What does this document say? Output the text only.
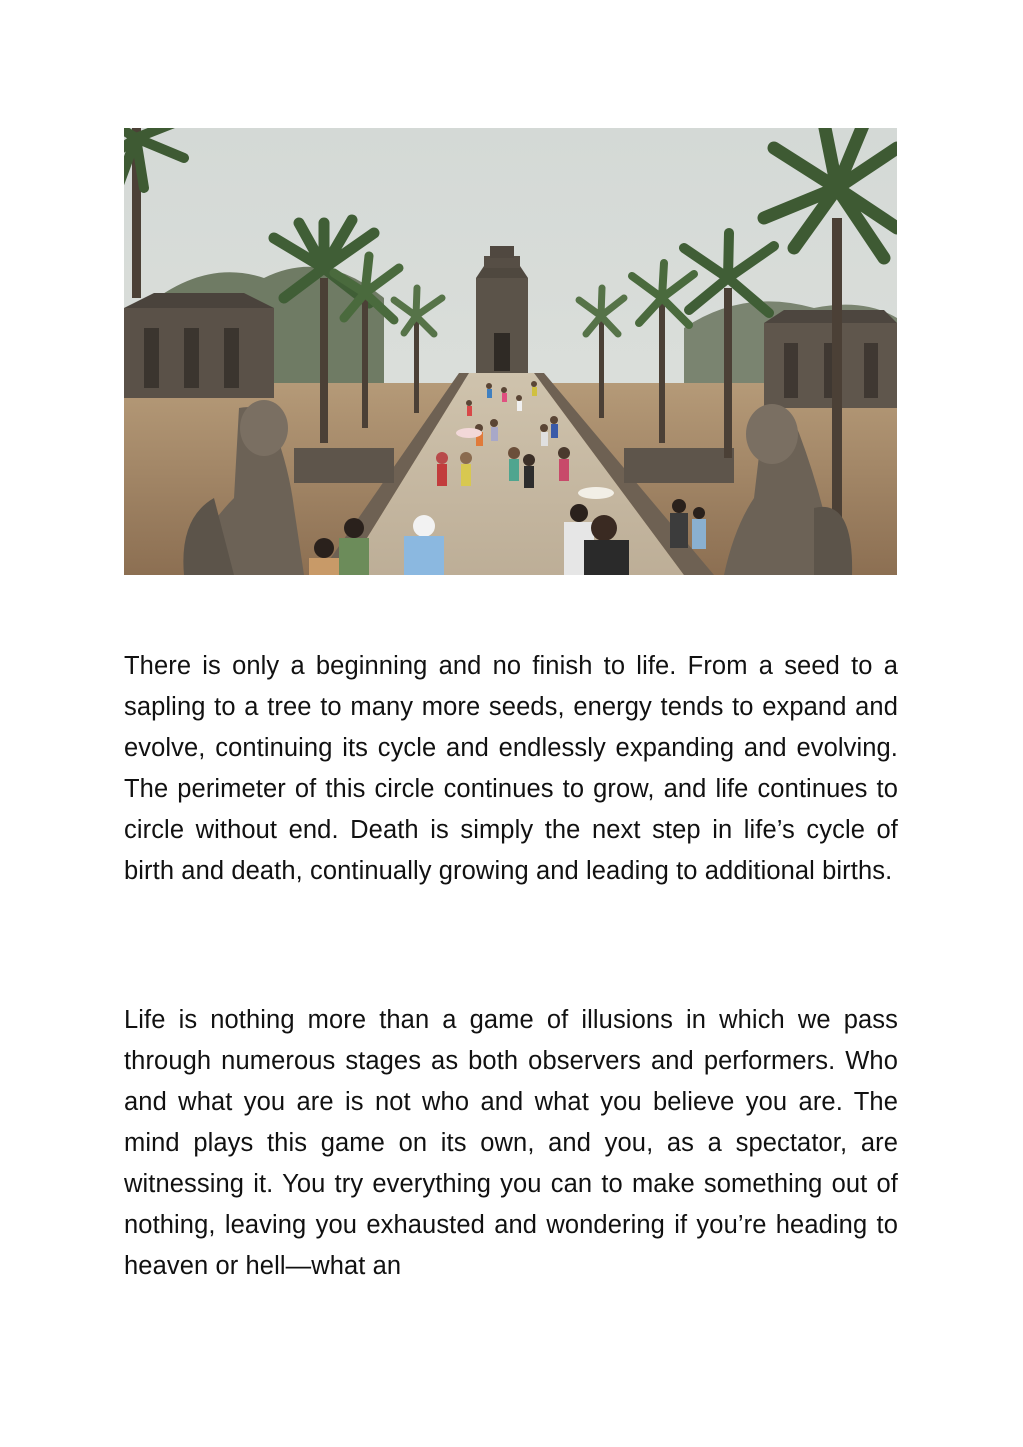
There is only a beginning and no finish to life. From a seed to a sapling to a tree to many more seeds, energy tends to expand and evolve, continuing its cycle and endlessly expanding and evolving. The perimeter of this circle continues to grow, and life continues to circle without end. Death is simply the next step in life’s cycle of birth and death, continually growing and leading to additional births.
Life is nothing more than a game of illusions in which we pass through numerous stages as both observers and performers. Who and what you are is not who and what you believe you are. The mind plays this game on its own, and you, as a spectator, are witnessing it. You try everything you can to make something out of nothing, leaving you exhausted and wondering if you’re heading to heaven or hell—what an
